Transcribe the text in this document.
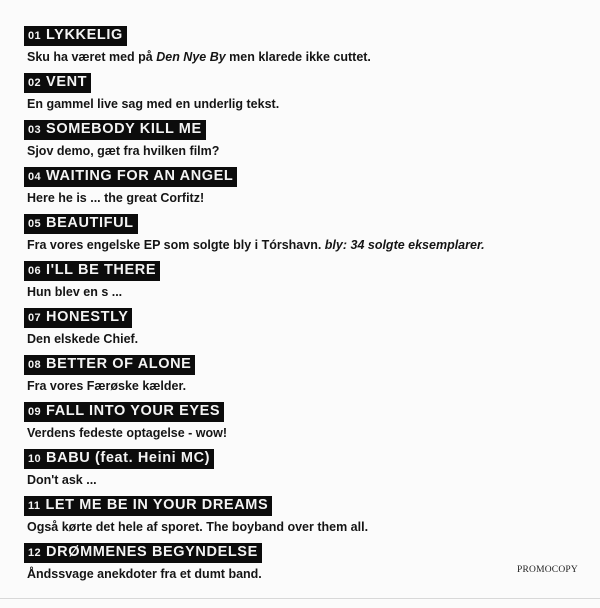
01 LYKKELIG
Sku ha været med på Den Nye By men klarede ikke cuttet.
02 VENT
En gammel live sag med en underlig tekst.
03 SOMEBODY KILL ME
Sjov demo, gæt fra hvilken film?
04 WAITING FOR AN ANGEL
Here he is ... the great Corfitz!
05 BEAUTIFUL
Fra vores engelske EP som solgte bly i Tórshavn. bly: 34 solgte eksemplarer.
06 I'LL BE THERE
Hun blev en s ...
07 HONESTLY
Den elskede Chief.
08 BETTER OF ALONE
Fra vores Færøske kælder.
09 FALL INTO YOUR EYES
Verdens fedeste optagelse - wow!
10 BABU (feat. Heini MC)
Don't ask ...
11 LET ME BE IN YOUR DREAMS
Også kørte det hele af sporet. The boyband over them all.
12 DRØMMENES BEGYNDELSE
Åndssvage anekdoter fra et dumt band.	PROMOCOPY
